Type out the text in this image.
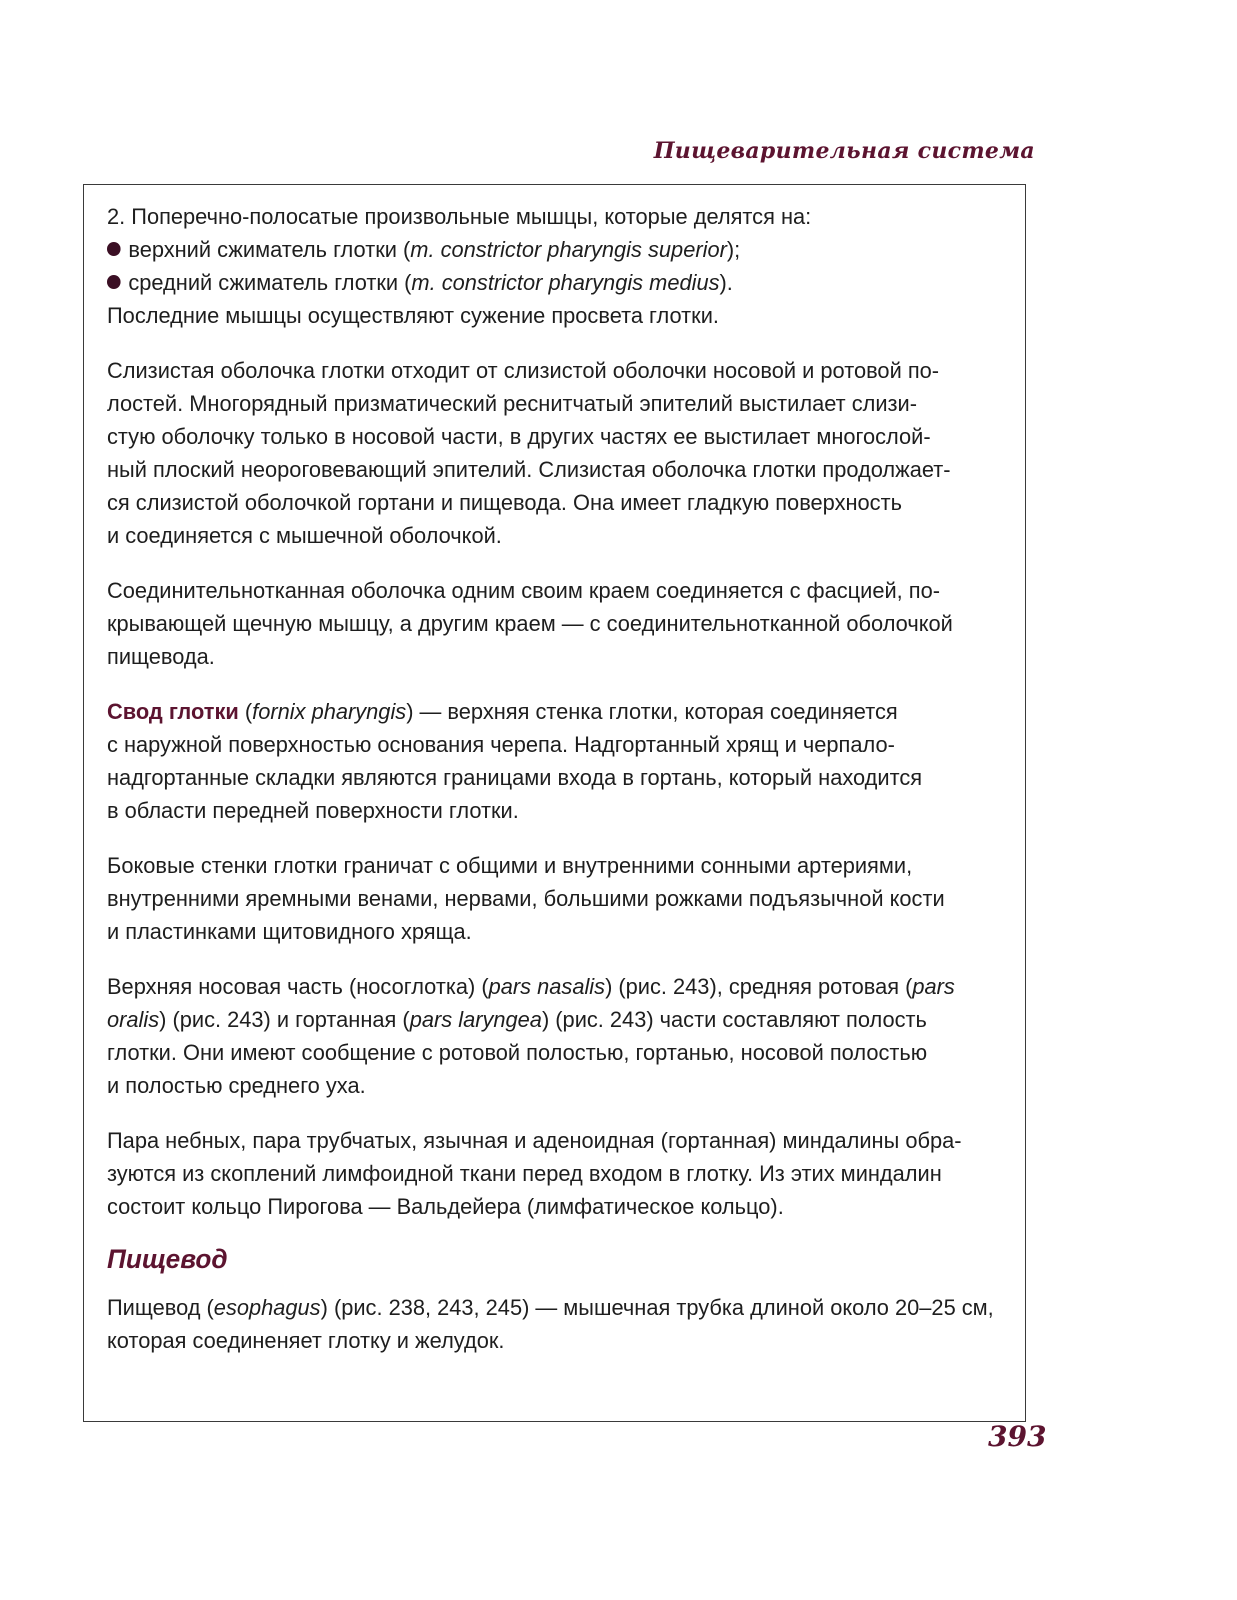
Пищеварительная система

2. Поперечно-полосатые произвольные мышцы, которые делятся на:
верхний сжиматель глотки (m. constrictor pharyngis superior);
средний сжиматель глотки (m. constrictor pharyngis medius).
Последние мышцы осуществляют сужение просвета глотки.

Слизистая оболочка глотки отходит от слизистой оболочки носовой и ротовой по-
лостей. Многорядный призматический реснитчатый эпителий выстилает слизи-
стую оболочку только в носовой части, в других частях ее выстилает многослой-
ный плоский неороговевающий эпителий. Слизистая оболочка глотки продолжает-
ся слизистой оболочкой гортани и пищевода. Она имеет гладкую поверхность
и соединяется с мышечной оболочкой.

Соединительнотканная оболочка одним своим краем соединяется с фасцией, по-
крывающей щечную мышцу, а другим краем — с соединительнотканной оболочкой
пищевода.

Свод глотки (fornix pharyngis) — верхняя стенка глотки, которая соединяется
с наружной поверхностью основания черепа. Надгортанный хрящ и черпало-
надгортанные складки являются границами входа в гортань, который находится
в области передней поверхности глотки.

Боковые стенки глотки граничат с общими и внутренними сонными артериями,
внутренними яремными венами, нервами, большими рожками подъязычной кости
и пластинками щитовидного хряща.

Верхняя носовая часть (носоглотка) (pars nasalis) (рис. 243), средняя ротовая (pars
oralis) (рис. 243) и гортанная (pars laryngea) (рис. 243) части составляют полость
глотки. Они имеют сообщение с ротовой полостью, гортанью, носовой полостью
и полостью среднего уха.

Пара небных, пара трубчатых, язычная и аденоидная (гортанная) миндалины обра-
зуются из скоплений лимфоидной ткани перед входом в глотку. Из этих миндалин
состоит кольцо Пирогова — Вальдейера (лимфатическое кольцо).

Пищевод

Пищевод (esophagus) (рис. 238, 243, 245) — мышечная трубка длиной около 20–25 см,
которая соединеняет глотку и желудок.

393
